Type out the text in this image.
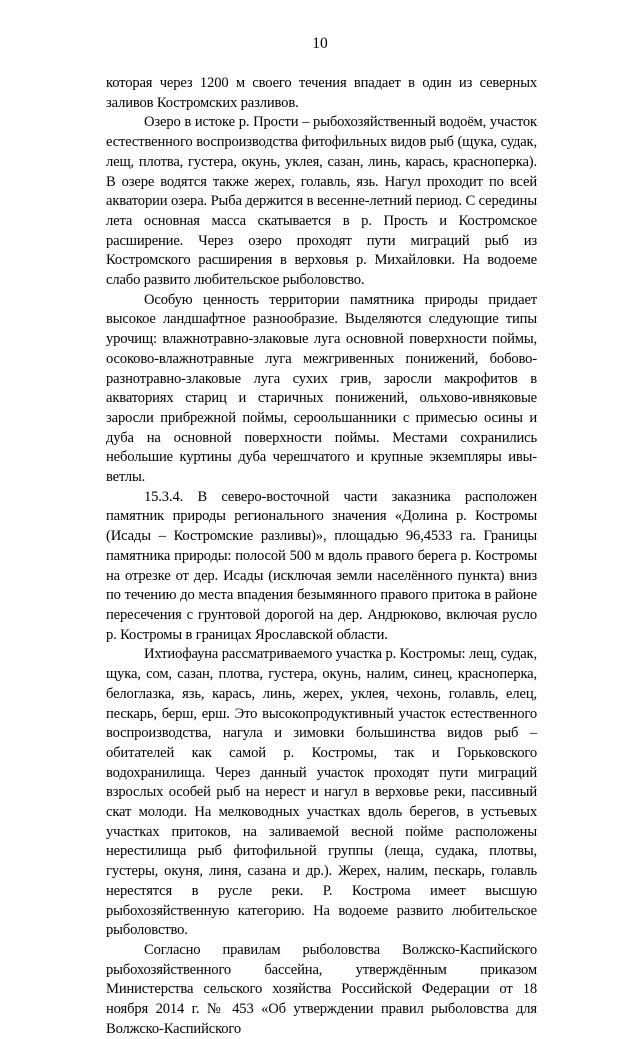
10

которая через 1200 м своего течения впадает в один из северных заливов Костромских разливов.

Озеро в истоке р. Прости – рыбохозяйственный водоём, участок естественного воспроизводства фитофильных видов рыб (щука, судак, лещ, плотва, густера, окунь, уклея, сазан, линь, карась, красноперка). В озере водятся также жерех, голавль, язь. Нагул проходит по всей акватории озера. Рыба держится в весенне-летний период. С середины лета основная масса скатывается в р. Прость и Костромское расширение. Через озеро проходят пути миграций рыб из Костромского расширения в верховья р. Михайловки. На водоеме слабо развито любительское рыболовство.

Особую ценность территории памятника природы придает высокое ландшафтное разнообразие. Выделяются следующие типы урочищ: влажнотравно-злаковые луга основной поверхности поймы, осоково-влажнотравные луга межгривенных понижений, бобово-разнотравно-злаковые луга сухих грив, заросли макрофитов в акваториях стариц и старичных понижений, ольхово-ивняковые заросли прибрежной поймы, сероольшанники с примесью осины и дуба на основной поверхности поймы. Местами сохранились небольшие куртины дуба черешчатого и крупные экземпляры ивы-ветлы.

15.3.4. В северо-восточной части заказника расположен памятник природы регионального значения «Долина р. Костромы (Исады – Костромские разливы)», площадью 96,4533 га. Границы памятника природы: полосой 500 м вдоль правого берега р. Костромы на отрезке от дер. Исады (исключая земли населённого пункта) вниз по течению до места впадения безымянного правого притока в районе пересечения с грунтовой дорогой на дер. Андрюково, включая русло р. Костромы в границах Ярославской области.

Ихтиофауна рассматриваемого участка р. Костромы: лещ, судак, щука, сом, сазан, плотва, густера, окунь, налим, синец, красноперка, белоглазка, язь, карась, линь, жерех, уклея, чехонь, голавль, елец, пескарь, берш, ерш. Это высокопродуктивный участок естественного воспроизводства, нагула и зимовки большинства видов рыб – обитателей как самой р. Костромы, так и Горьковского водохранилища. Через данный участок проходят пути миграций взрослых особей рыб на нерест и нагул в верховье реки, пассивный скат молоди. На мелководных участках вдоль берегов, в устьевых участках притоков, на заливаемой весной пойме расположены нерестилища рыб фитофильной группы (леща, судака, плотвы, густеры, окуня, линя, сазана и др.). Жерех, налим, пескарь, голавль нерестятся в русле реки. Р. Кострома имеет высшую рыбохозяйственную категорию. На водоеме развито любительское рыболовство.

Согласно правилам рыболовства Волжско-Каспийского рыбохозяйственного бассейна, утверждённым приказом Министерства сельского хозяйства Российской Федерации от 18 ноября 2014 г. № 453 «Об утверждении правил рыболовства для Волжско-Каспийского
